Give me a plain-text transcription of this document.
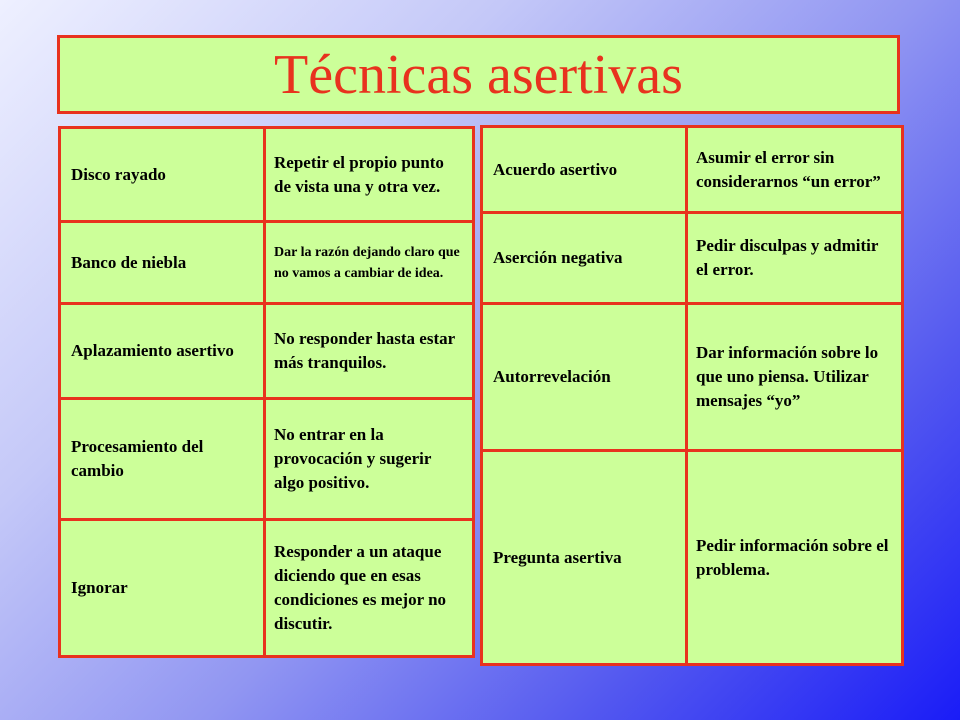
Técnicas asertivas
Disco rayado	Repetir el propio punto de vista una y otra vez.
Banco de niebla	Dar la razón dejando claro que no vamos a cambiar de idea.
Aplazamiento asertivo	No responder hasta estar más tranquilos.
Procesamiento del cambio	No entrar en la provocación y sugerir algo positivo.
Ignorar	Responder a un ataque diciendo que en esas condiciones es mejor no discutir.
Acuerdo asertivo	Asumir el error sin considerarnos “un error”
Aserción negativa	Pedir disculpas y admitir el error.
Autorrevelación	Dar información sobre lo que uno piensa. Utilizar mensajes “yo”
Pregunta asertiva	Pedir información sobre el problema.
